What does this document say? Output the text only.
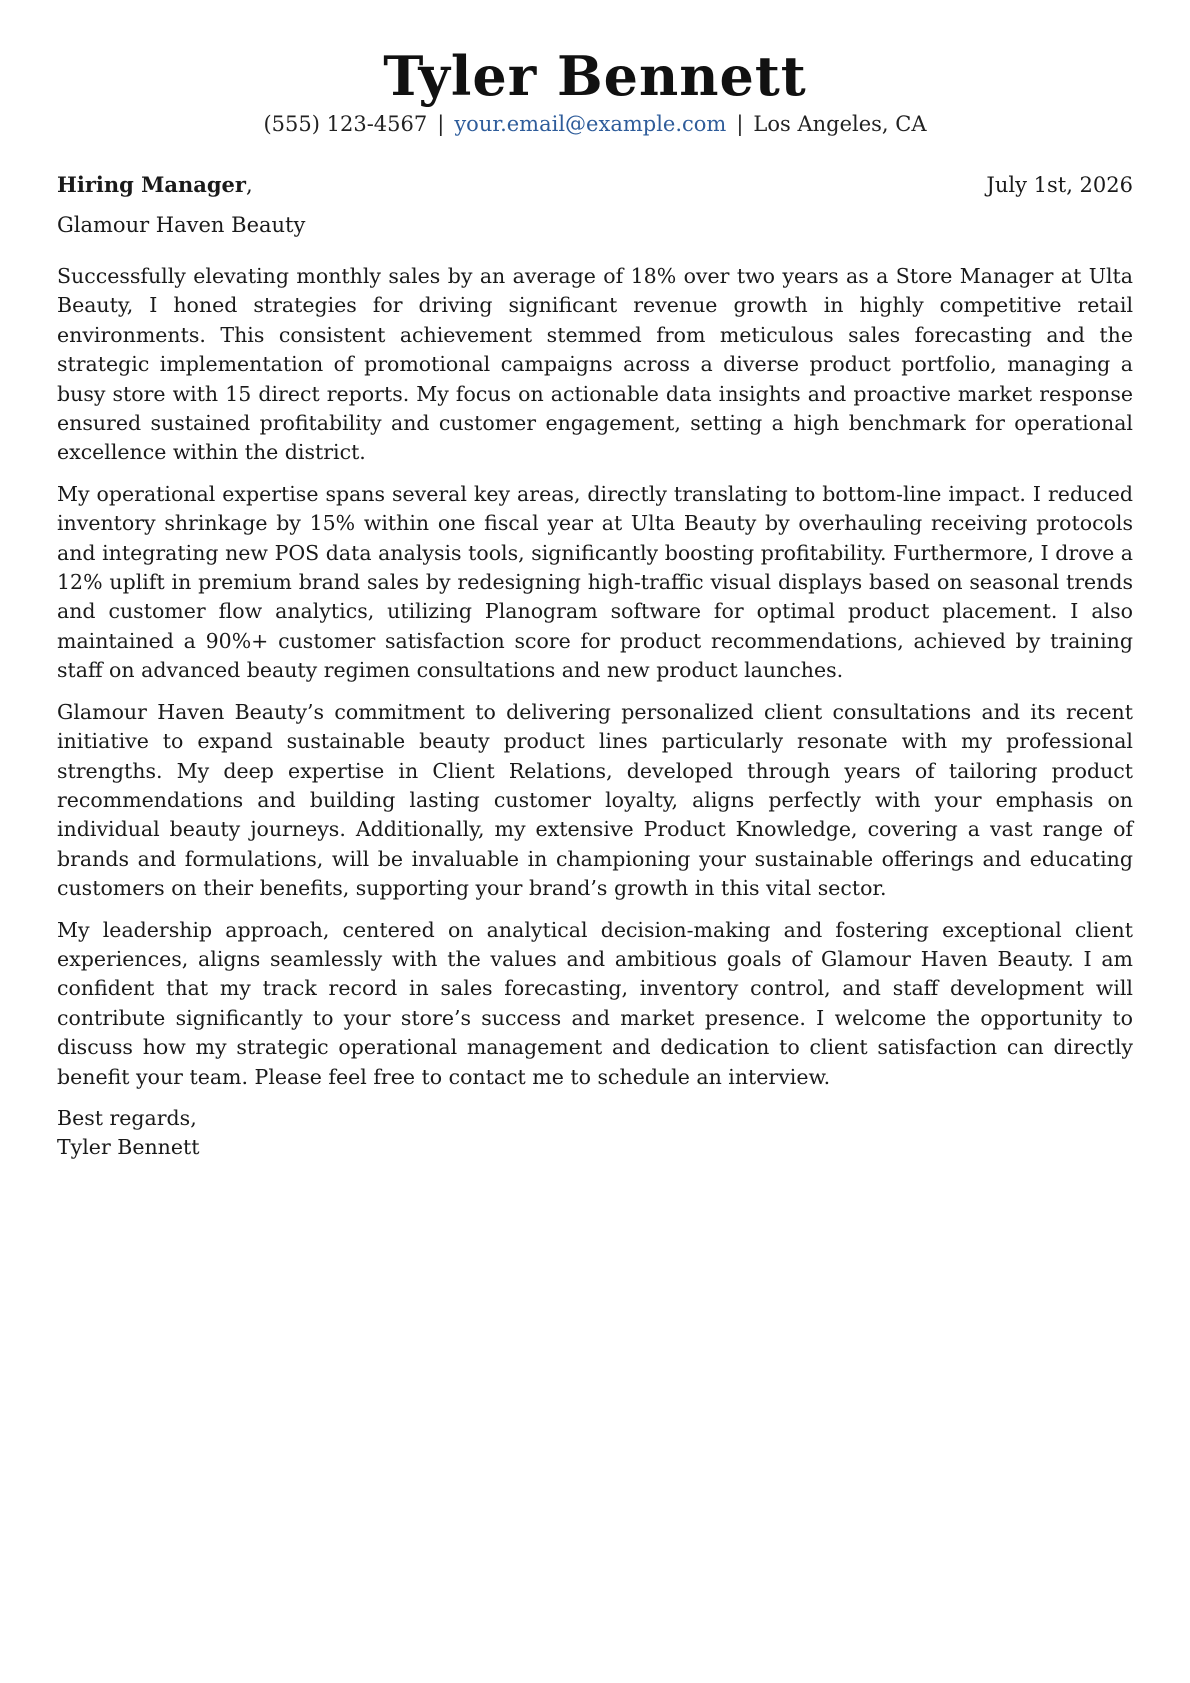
Tyler Bennett
(555) 123-4567 | your.email@example.com | Los Angeles, CA
Hiring Manager,	July 1st, 2026
Glamour Haven Beauty

Successfully elevating monthly sales by an average of 18% over two years as a Store Manager at Ulta Beauty, I honed strategies for driving significant revenue growth in highly competitive retail environments. This consistent achievement stemmed from meticulous sales forecasting and the strategic implementation of promotional campaigns across a diverse product portfolio, managing a busy store with 15 direct reports. My focus on actionable data insights and proactive market response ensured sustained profitability and customer engagement, setting a high benchmark for operational excellence within the district.

My operational expertise spans several key areas, directly translating to bottom-line impact. I reduced inventory shrinkage by 15% within one fiscal year at Ulta Beauty by overhauling receiving protocols and integrating new POS data analysis tools, significantly boosting profitability. Furthermore, I drove a 12% uplift in premium brand sales by redesigning high-traffic visual displays based on seasonal trends and customer flow analytics, utilizing Planogram software for optimal product placement. I also maintained a 90%+ customer satisfaction score for product recommendations, achieved by training staff on advanced beauty regimen consultations and new product launches.

Glamour Haven Beauty’s commitment to delivering personalized client consultations and its recent initiative to expand sustainable beauty product lines particularly resonate with my professional strengths. My deep expertise in Client Relations, developed through years of tailoring product recommendations and building lasting customer loyalty, aligns perfectly with your emphasis on individual beauty journeys. Additionally, my extensive Product Knowledge, covering a vast range of brands and formulations, will be invaluable in championing your sustainable offerings and educating customers on their benefits, supporting your brand’s growth in this vital sector.

My leadership approach, centered on analytical decision-making and fostering exceptional client experiences, aligns seamlessly with the values and ambitious goals of Glamour Haven Beauty. I am confident that my track record in sales forecasting, inventory control, and staff development will contribute significantly to your store’s success and market presence. I welcome the opportunity to discuss how my strategic operational management and dedication to client satisfaction can directly benefit your team. Please feel free to contact me to schedule an interview.

Best regards,
Tyler Bennett
